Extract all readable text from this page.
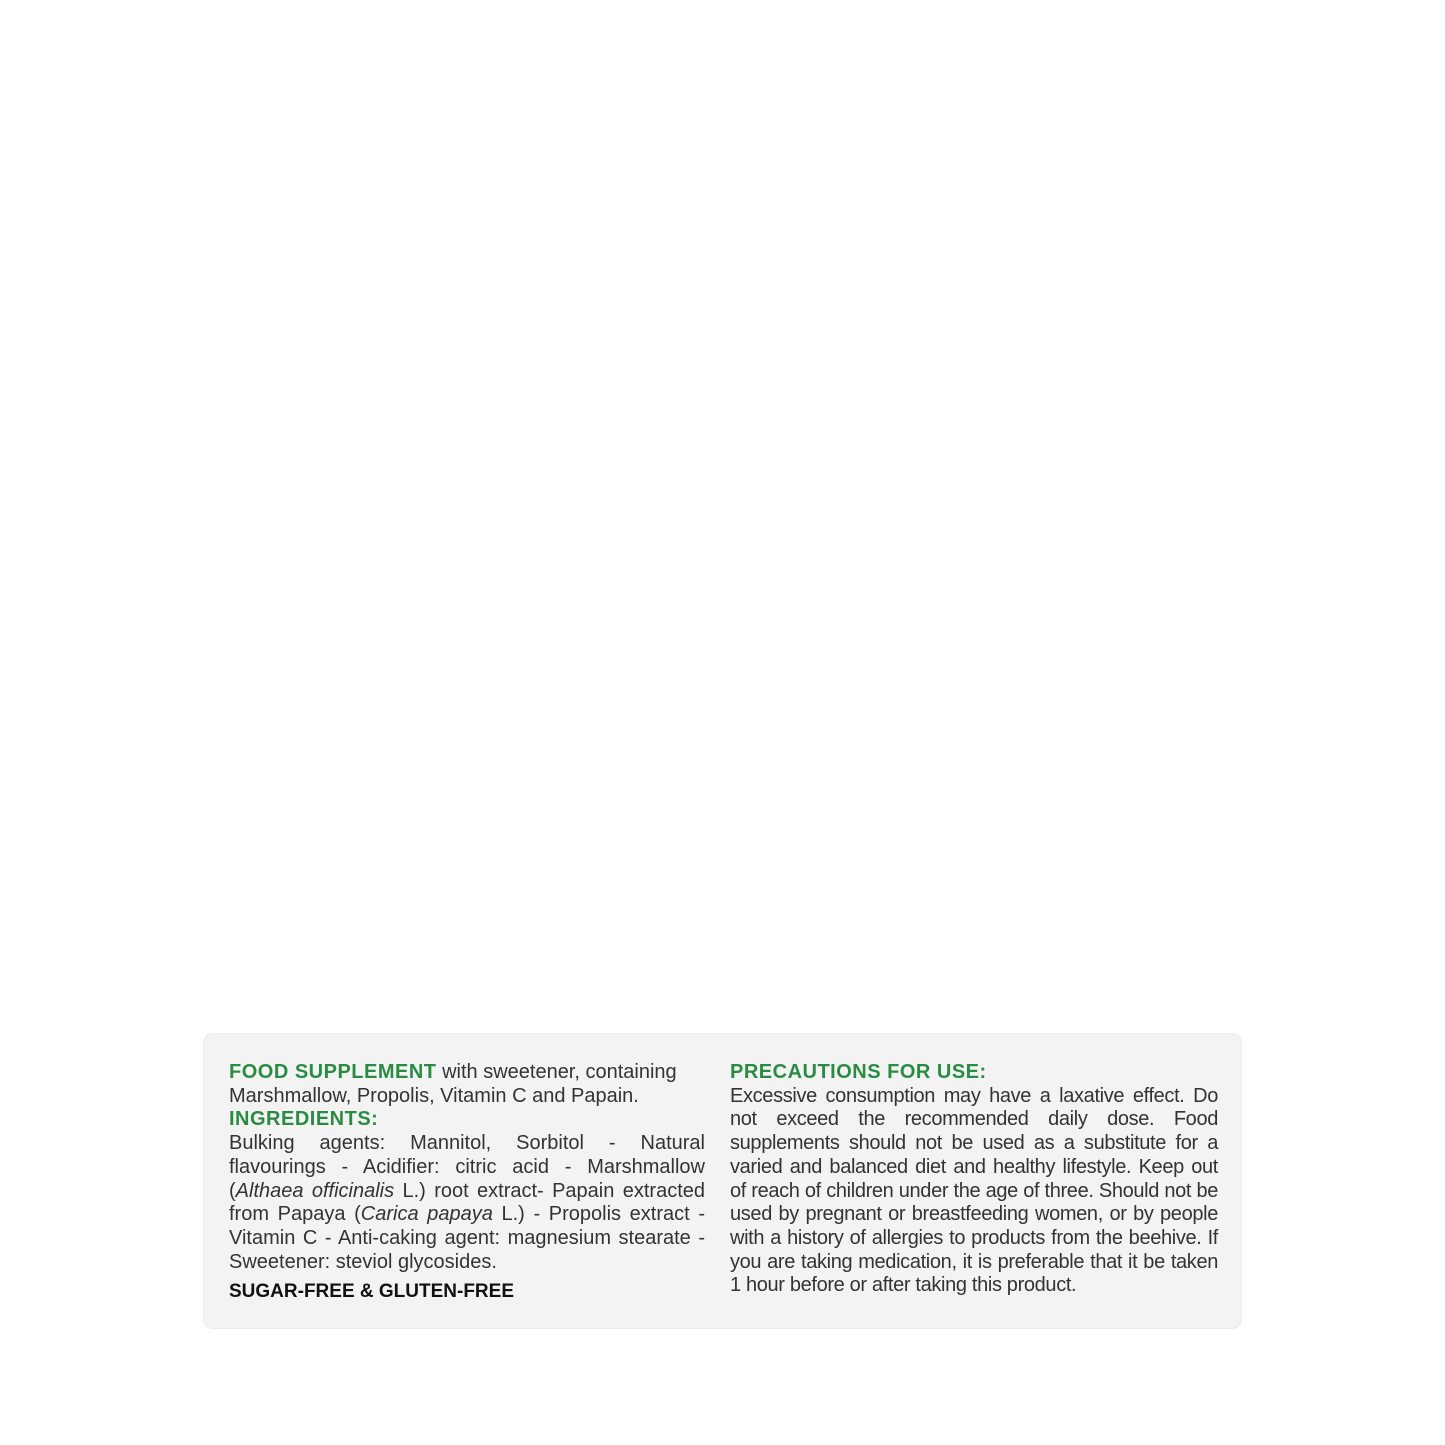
FOOD SUPPLEMENT with sweetener, containing
Marshmallow, Propolis, Vitamin C and Papain.
INGREDIENTS:
Bulking agents: Mannitol, Sorbitol - Natural flavourings - Acidifier: citric acid - Marshmallow (Althaea officinalis L.) root extract- Papain extracted from Papaya (Carica papaya L.) - Propolis extract - Vitamin C - Anti-caking agent: magnesium stearate - Sweetener: steviol glycosides.
SUGAR-FREE & GLUTEN-FREE
PRECAUTIONS FOR USE:
Excessive consumption may have a laxative effect. Do not exceed the recommended daily dose. Food supplements should not be used as a substitute for a varied and balanced diet and healthy lifestyle. Keep out of reach of children under the age of three. Should not be used by pregnant or breastfeeding women, or by people with a history of allergies to products from the beehive. If you are taking medication, it is preferable that it be taken 1 hour before or after taking this product.
